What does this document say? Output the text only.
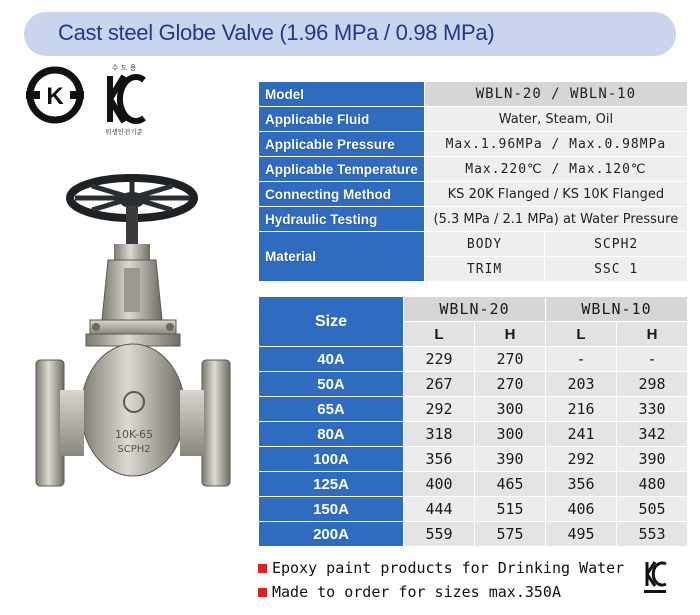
Cast steel Globe Valve (1.96 MPa / 0.98 MPa)
K
수 도 용
위생안전기준
10K-65
SCPH2
Model	WBLN-20 / WBLN-10	
Applicable Fluid	Water, Steam, Oil	
Applicable Pressure	Max.1.96MPa / Max.0.98MPa	
Applicable Temperature	Max.220℃ / Max.120℃	
Connecting Method	KS 20K Flanged / KS 10K Flanged	
Hydraulic Testing	(5.3 MPa / 2.1 MPa) at Water Pressure	
Material	BODY	SCPH2
	TRIM	SSC 1
Size	WBLN-20		WBLN-10	
	L	H	L	H
40A	229	270	-	-
50A	267	270	203	298
65A	292	300	216	330
80A	318	300	241	342
100A	356	390	292	390
125A	400	465	356	480
150A	444	515	406	505
200A	559	575	495	553
Epoxy paint products for Drinking Water
Made to order for sizes max.350A
